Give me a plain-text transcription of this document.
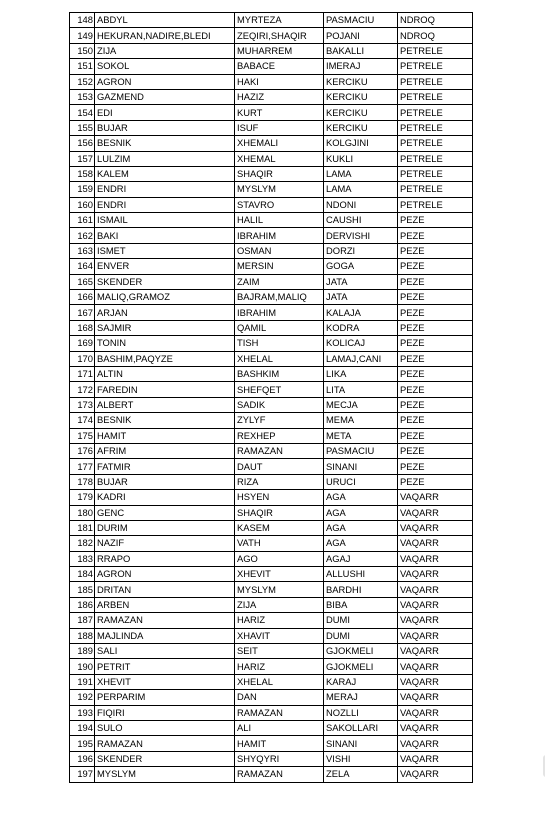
148	ABDYL	MYRTEZA	PASMACIU	NDROQ
149	HEKURAN,NADIRE,BLEDI	ZEQIRI,SHAQIR	POJANI	NDROQ
150	ZIJA	MUHARREM	BAKALLI	PETRELE
151	SOKOL	BABACE	IMERAJ	PETRELE
152	AGRON	HAKI	KERCIKU	PETRELE
153	GAZMEND	HAZIZ	KERCIKU	PETRELE
154	EDI	KURT	KERCIKU	PETRELE
155	BUJAR	ISUF	KERCIKU	PETRELE
156	BESNIK	XHEMALI	KOLGJINI	PETRELE
157	LULZIM	XHEMAL	KUKLI	PETRELE
158	KALEM	SHAQIR	LAMA	PETRELE
159	ENDRI	MYSLYM	LAMA	PETRELE
160	ENDRI	STAVRO	NDONI	PETRELE
161	ISMAIL	HALIL	CAUSHI	PEZE
162	BAKI	IBRAHIM	DERVISHI	PEZE
163	ISMET	OSMAN	DORZI	PEZE
164	ENVER	MERSIN	GOGA	PEZE
165	SKENDER	ZAIM	JATA	PEZE
166	MALIQ,GRAMOZ	BAJRAM,MALIQ	JATA	PEZE
167	ARJAN	IBRAHIM	KALAJA	PEZE
168	SAJMIR	QAMIL	KODRA	PEZE
169	TONIN	TISH	KOLICAJ	PEZE
170	BASHIM,PAQYZE	XHELAL	LAMAJ,CANI	PEZE
171	ALTIN	BASHKIM	LIKA	PEZE
172	FAREDIN	SHEFQET	LITA	PEZE
173	ALBERT	SADIK	MECJA	PEZE
174	BESNIK	ZYLYF	MEMA	PEZE
175	HAMIT	REXHEP	META	PEZE
176	AFRIM	RAMAZAN	PASMACIU	PEZE
177	FATMIR	DAUT	SINANI	PEZE
178	BUJAR	RIZA	URUCI	PEZE
179	KADRI	HSYEN	AGA	VAQARR
180	GENC	SHAQIR	AGA	VAQARR
181	DURIM	KASEM	AGA	VAQARR
182	NAZIF	VATH	AGA	VAQARR
183	RRAPO	AGO	AGAJ	VAQARR
184	AGRON	XHEVIT	ALLUSHI	VAQARR
185	DRITAN	MYSLYM	BARDHI	VAQARR
186	ARBEN	ZIJA	BIBA	VAQARR
187	RAMAZAN	HARIZ	DUMI	VAQARR
188	MAJLINDA	XHAVIT	DUMI	VAQARR
189	SALI	SEIT	GJOKMELI	VAQARR
190	PETRIT	HARIZ	GJOKMELI	VAQARR
191	XHEVIT	XHELAL	KARAJ	VAQARR
192	PERPARIM	DAN	MERAJ	VAQARR
193	FIQIRI	RAMAZAN	NOZLLI	VAQARR
194	SULO	ALI	SAKOLLARI	VAQARR
195	RAMAZAN	HAMIT	SINANI	VAQARR
196	SKENDER	SHYQYRI	VISHI	VAQARR
197	MYSLYM	RAMAZAN	ZELA	VAQARR
